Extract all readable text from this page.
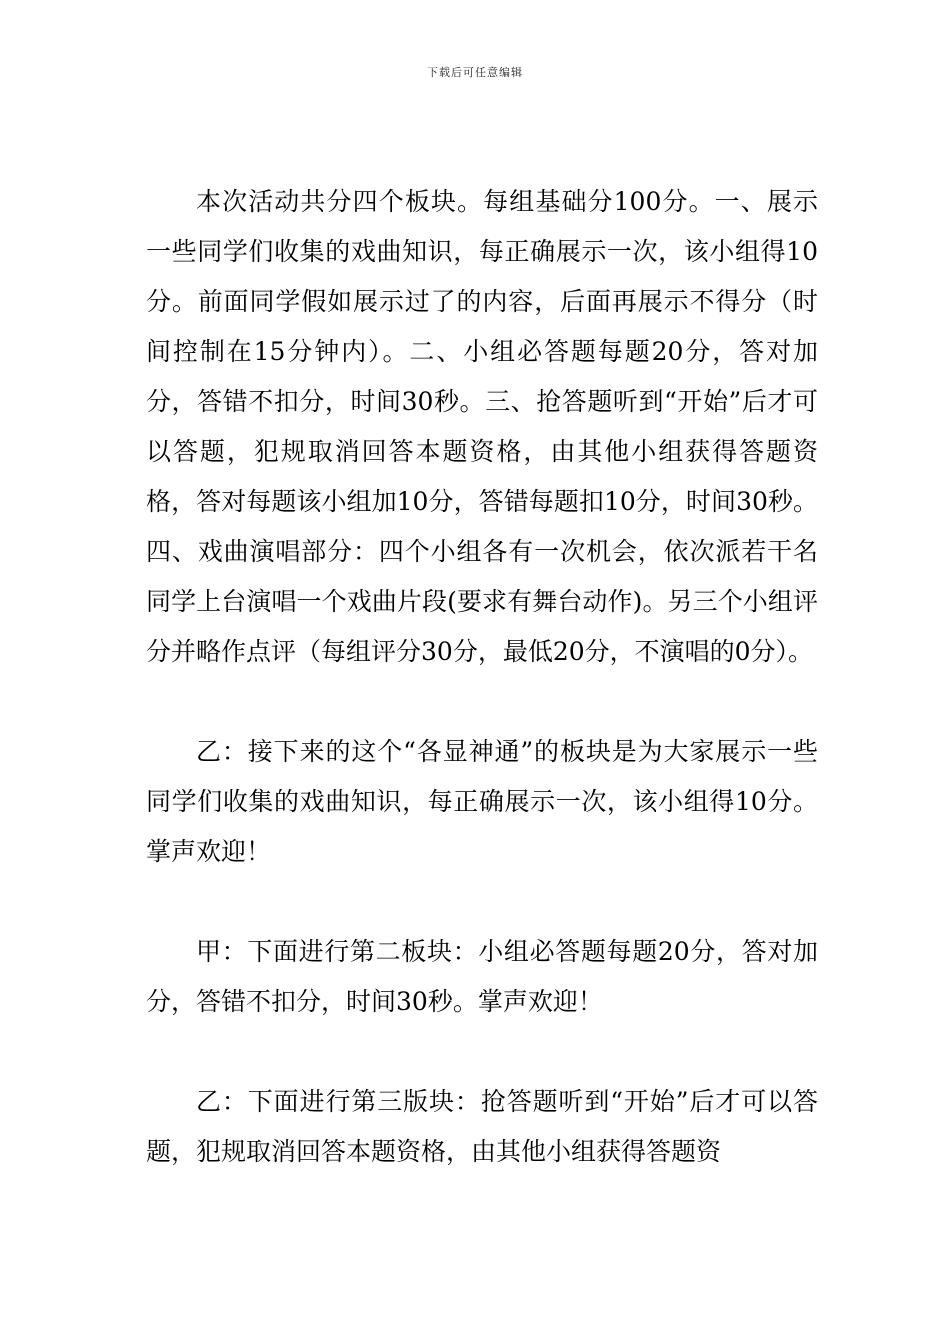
下载后可任意编辑

本次活动共分四个板块。每组基础分100分。一、展示一些同学们收集的戏曲知识，每正确展示一次，该小组得10分。前面同学假如展示过了的内容，后面再展示不得分（时间控制在15分钟内）。二、小组必答题每题20分，答对加分，答错不扣分，时间30秒。三、抢答题听到“开始”后才可以答题，犯规取消回答本题资格，由其他小组获得答题资格，答对每题该小组加10分，答错每题扣10分，时间30秒。四、戏曲演唱部分：四个小组各有一次机会，依次派若干名同学上台演唱一个戏曲片段(要求有舞台动作)。另三个小组评分并略作点评（每组评分30分，最低20分，不演唱的0分）。

乙：接下来的这个“各显神通”的板块是为大家展示一些同学们收集的戏曲知识，每正确展示一次，该小组得10分。掌声欢迎！

甲：下面进行第二板块：小组必答题每题20分，答对加分，答错不扣分，时间30秒。掌声欢迎！

乙：下面进行第三版块：抢答题听到“开始”后才可以答题，犯规取消回答本题资格，由其他小组获得答题资
